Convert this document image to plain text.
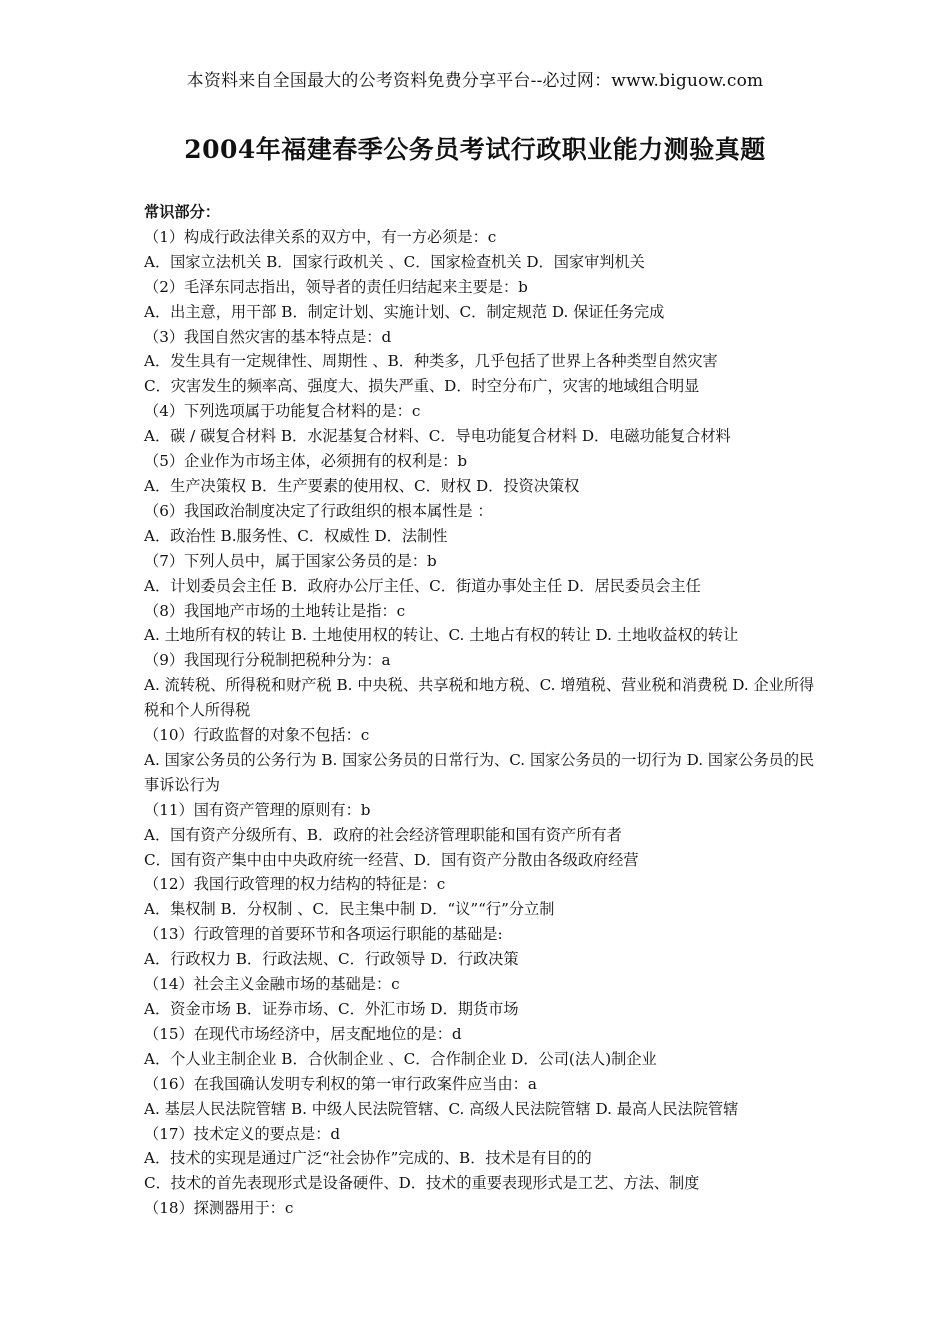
本资料来自全国最大的公考资料免费分享平台--必过网：www.biguow.com
2004年福建春季公务员考试行政职业能力测验真题
常识部分：
（1）构成行政法律关系的双方中，有一方必须是：c
A．国家立法机关 B．国家行政机关 、C．国家检查机关 D．国家审判机关
（2）毛泽东同志指出，领导者的责任归结起来主要是：b
A．出主意，用干部 B．制定计划、实施计划、C．制定规范 D. 保证任务完成
（3）我国自然灾害的基本特点是：d
A．发生具有一定规律性、周期性 、B．种类多，几乎包括了世界上各种类型自然灾害
C．灾害发生的频率高、强度大、损失严重、D．时空分布广，灾害的地域组合明显
（4）下列选项属于功能复合材料的是：c
A．碳 / 碳复合材料 B．水泥基复合材料、C．导电功能复合材料 D．电磁功能复合材料
（5）企业作为市场主体，必须拥有的权利是：b
A．生产决策权 B．生产要素的使用权、C．财权 D．投资决策权
（6）我国政治制度决定了行政组织的根本属性是 ：
A．政治性 B.服务性、C．权威性 D．法制性
（7）下列人员中，属于国家公务员的是：b
A．计划委员会主任 B．政府办公厅主任、C．街道办事处主任 D．居民委员会主任
（8）我国地产市场的土地转让是指：c
A. 土地所有权的转让 B. 土地使用权的转让、C. 土地占有权的转让 D. 土地收益权的转让
（9）我国现行分税制把税种分为：a
A. 流转税、所得税和财产税 B. 中央税、共享税和地方税、C. 增殖税、营业税和消费税 D. 企业所得税和个人所得税
（10）行政监督的对象不包括：c
A. 国家公务员的公务行为 B. 国家公务员的日常行为、C. 国家公务员的一切行为 D. 国家公务员的民事诉讼行为
（11）国有资产管理的原则有：b
A．国有资产分级所有、B．政府的社会经济管理职能和国有资产所有者
C．国有资产集中由中央政府统一经营、D．国有资产分散由各级政府经营
（12）我国行政管理的权力结构的特征是：c
A．集权制 B．分权制 、C．民主集中制 D．“议”“行”分立制
（13）行政管理的首要环节和各项运行职能的基础是:
A．行政权力 B．行政法规、C．行政领导 D．行政决策
（14）社会主义金融市场的基础是：c
A．资金市场 B．证券市场、C．外汇市场 D．期货市场
（15）在现代市场经济中，居支配地位的是：d
A．个人业主制企业 B．合伙制企业 、C．合作制企业 D．公司(法人)制企业
（16）在我国确认发明专利权的第一审行政案件应当由：a
A. 基层人民法院管辖 B. 中级人民法院管辖、C. 高级人民法院管辖 D. 最高人民法院管辖
（17）技术定义的要点是：d
A．技术的实现是通过广泛“社会协作”完成的、B．技术是有目的的
C．技术的首先表现形式是设备硬件、D．技术的重要表现形式是工艺、方法、制度
（18）探测器用于：c
